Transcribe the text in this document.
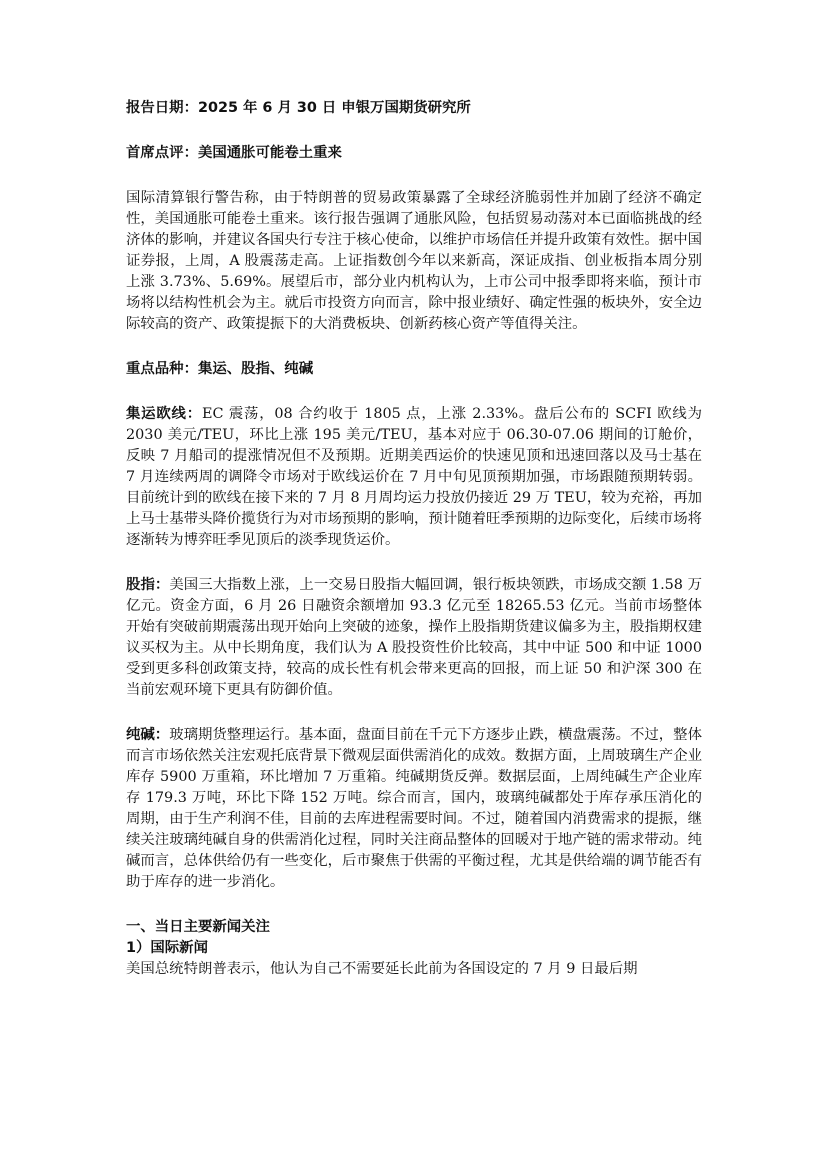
报告日期：2025 年 6 月 30 日 申银万国期货研究所
首席点评：美国通胀可能卷土重来

国际清算银行警告称，由于特朗普的贸易政策暴露了全球经济脆弱性并加剧了经济不确定性，美国通胀可能卷土重来。该行报告强调了通胀风险，包括贸易动荡对本已面临挑战的经济体的影响，并建议各国央行专注于核心使命，以维护市场信任并提升政策有效性。据中国证券报，上周，A 股震荡走高。上证指数创今年以来新高，深证成指、创业板指本周分别上涨 3.73%、5.69%。展望后市，部分业内机构认为，上市公司中报季即将来临，预计市场将以结构性机会为主。就后市投资方向而言，除中报业绩好、确定性强的板块外，安全边际较高的资产、政策提振下的大消费板块、创新药核心资产等值得关注。

重点品种：集运、股指、纯碱

集运欧线：EC 震荡，08 合约收于 1805 点，上涨 2.33%。盘后公布的 SCFI 欧线为 2030 美元/TEU，环比上涨 195 美元/TEU，基本对应于 06.30-07.06 期间的订舱价，反映 7 月船司的提涨情况但不及预期。近期美西运价的快速见顶和迅速回落以及马士基在 7 月连续两周的调降令市场对于欧线运价在 7 月中旬见顶预期加强，市场跟随预期转弱。目前统计到的欧线在接下来的 7 月 8 月周均运力投放仍接近 29 万 TEU，较为充裕，再加上马士基带头降价揽货行为对市场预期的影响，预计随着旺季预期的边际变化，后续市场将逐渐转为博弈旺季见顶后的淡季现货运价。

股指：美国三大指数上涨，上一交易日股指大幅回调，银行板块领跌，市场成交额 1.58 万亿元。资金方面，6 月 26 日融资余额增加 93.3 亿元至 18265.53 亿元。当前市场整体开始有突破前期震荡出现开始向上突破的迹象，操作上股指期货建议偏多为主，股指期权建议买权为主。从中长期角度，我们认为 A 股投资性价比较高，其中中证 500 和中证 1000 受到更多科创政策支持，较高的成长性有机会带来更高的回报，而上证 50 和沪深 300 在当前宏观环境下更具有防御价值。

纯碱：玻璃期货整理运行。基本面，盘面目前在千元下方逐步止跌，横盘震荡。不过，整体而言市场依然关注宏观托底背景下微观层面供需消化的成效。数据方面，上周玻璃生产企业库存 5900 万重箱，环比增加 7 万重箱。纯碱期货反弹。数据层面，上周纯碱生产企业库存 179.3 万吨，环比下降 152 万吨。综合而言，国内，玻璃纯碱都处于库存承压消化的周期，由于生产利润不佳，目前的去库进程需要时间。不过，随着国内消费需求的提振，继续关注玻璃纯碱自身的供需消化过程，同时关注商品整体的回暖对于地产链的需求带动。纯碱而言，总体供给仍有一些变化，后市聚焦于供需的平衡过程，尤其是供给端的调节能否有助于库存的进一步消化。

一、当日主要新闻关注
1）国际新闻
美国总统特朗普表示，他认为自己不需要延长此前为各国设定的 7 月 9 日最后期
